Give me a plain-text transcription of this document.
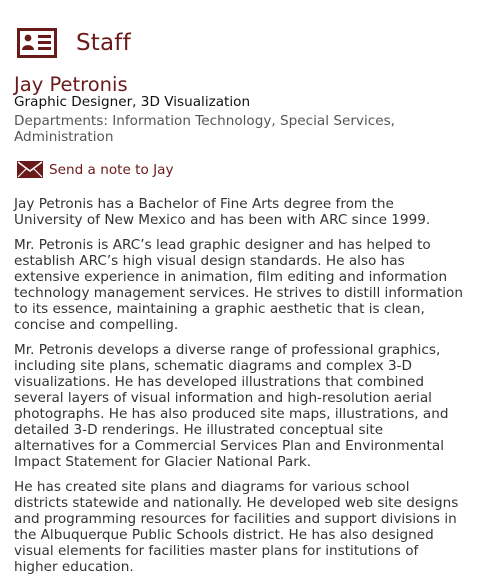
Staff
Jay Petronis
Graphic Designer, 3D Visualization
Departments: Information Technology, Special Services, Administration
Send a note to Jay

Jay Petronis has a Bachelor of Fine Arts degree from the University of New Mexico and has been with ARC since 1999.

Mr. Petronis is ARC’s lead graphic designer and has helped to establish ARC’s high visual design standards. He also has extensive experience in animation, film editing and information technology management services. He strives to distill information to its essence, maintaining a graphic aesthetic that is clean, concise and compelling.

Mr. Petronis develops a diverse range of professional graphics, including site plans, schematic diagrams and complex 3-D visualizations. He has developed illustrations that combined several layers of visual information and high-resolution aerial photographs. He has also produced site maps, illustrations, and detailed 3-D renderings. He illustrated conceptual site alternatives for a Commercial Services Plan and Environmental Impact Statement for Glacier National Park.

He has created site plans and diagrams for various school districts statewide and nationally. He developed web site designs and programming resources for facilities and support divisions in the Albuquerque Public Schools district. He has also designed visual elements for facilities master plans for institutions of higher education.
